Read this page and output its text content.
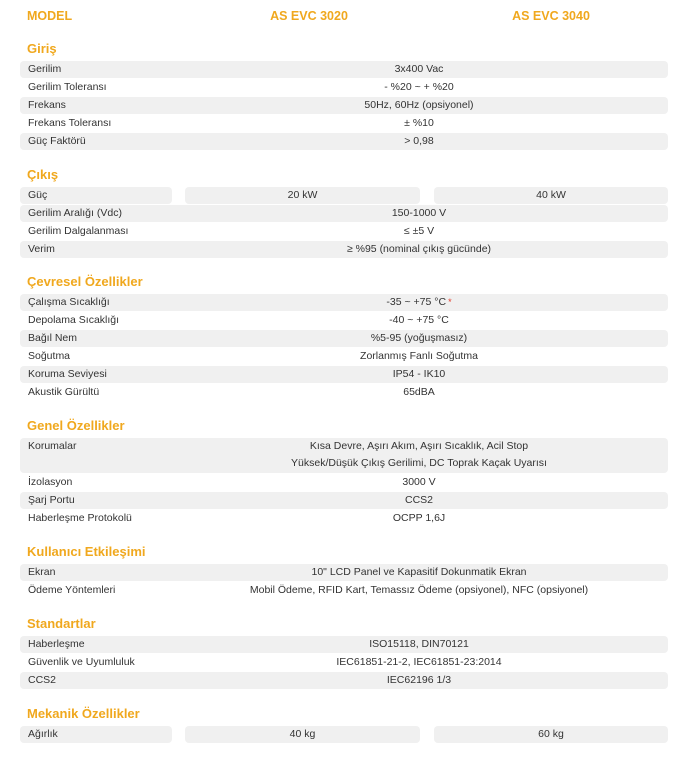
MODEL	AS EVC 3020	AS EVC 3040
Giriş
Gerilim	3x400 Vac
Gerilim Toleransı	- %20 ~ + %20
Frekans	50Hz, 60Hz (opsiyonel)
Frekans Toleransı	± %10
Güç Faktörü	> 0,98
Çıkış
Güç	20 kW	40 kW
Gerilim Aralığı (Vdc)	150-1000 V
Gerilim Dalgalanması	≤ ±5 V
Verim	≥ %95 (nominal çıkış gücünde)
Çevresel Özellikler
Çalışma Sıcaklığı	-35 ~ +75 °C *
Depolama Sıcaklığı	-40 ~ +75 °C
Bağıl Nem	%5-95 (yoğuşmasız)
Soğutma	Zorlanmış Fanlı Soğutma
Koruma Seviyesi	IP54 - IK10
Akustik Gürültü	65dBA
Genel Özellikler
Korumalar	Kısa Devre, Aşırı Akım, Aşırı Sıcaklık, Acil Stop
Yüksek/Düşük Çıkış Gerilimi, DC Toprak Kaçak Uyarısı
İzolasyon	3000 V
Şarj Portu	CCS2
Haberleşme Protokolü	OCPP 1,6J
Kullanıcı Etkileşimi
Ekran	10" LCD Panel ve Kapasitif Dokunmatik Ekran
Ödeme Yöntemleri	Mobil Ödeme, RFID Kart, Temassız Ödeme (opsiyonel), NFC (opsiyonel)
Standartlar
Haberleşme	ISO15118, DIN70121
Güvenlik ve Uyumluluk	IEC61851-21-2, IEC61851-23:2014
CCS2	IEC62196 1/3
Mekanik Özellikler
Ağırlık	40 kg	60 kg
